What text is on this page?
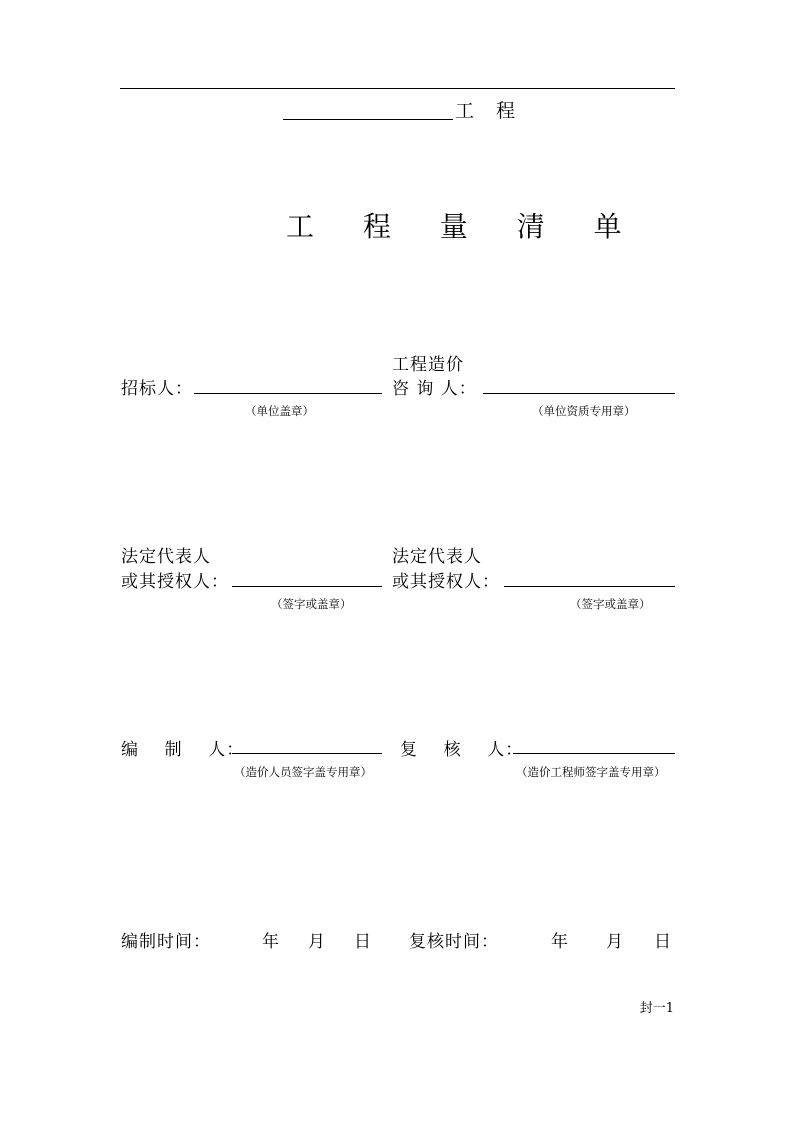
工 程
工 程 量 清 单
招标人：
（单位盖章）
工程造价
咨 询 人：
（单位资质专用章）
法定代表人
或其授权人：
（签字或盖章）
法定代表人
或其授权人：
（签字或盖章）
编    制    人：
（造价人员签字盖专用章）
复    核    人：
（造价工程师签字盖专用章）
编制时间：	年 月 日 复核时间：	年 月 日
封一1
